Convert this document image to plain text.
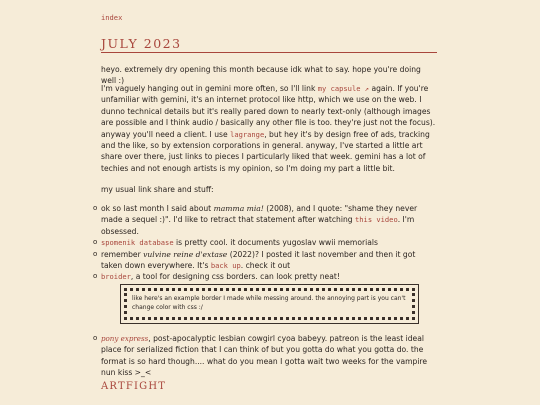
index
JULY 2023

heyo. extremely dry opening this month because idk what to say. hope you're doing well :)

I'm vaguely hanging out in gemini more often, so I'll link my capsule ↗ again. If you're unfamiliar with gemini, it's an internet protocol like http, which we use on the web. I dunno technical details but it's really pared down to nearly text-only (although images are possible and I think audio / basically any other file is too. they're just not the focus). anyway you'll need a client. I use lagrange, but hey it's by design free of ads, tracking and the like, so by extension corporations in general. anyway, I've started a little art share over there, just links to pieces I particularly liked that week. gemini has a lot of techies and not enough artists is my opinion, so I'm doing my part a little bit.

my usual link share and stuff:

o ok so last month I said about mamma mia! (2008), and I quote: "shame they never made a sequel :)". I'd like to retract that statement after watching this video. I'm obsessed.
o spomenik database is pretty cool. it documents yugoslav wwii memorials
o remember vulvine reine d'extase (2022)? I posted it last november and then it got taken down everywhere. It's back up. check it out
o broider, a tool for designing css borders. can look pretty neat!
like here's an example border I made while messing around. the annoying part is you can't change color with css :/
o pony express, post-apocalyptic lesbian cowgirl cyoa babeyy. patreon is the least ideal place for serialized fiction that I can think of but you gotta do what you gotta do. the format is so hard though.... what do you mean I gotta wait two weeks for the vampire nun kiss >_<
ARTFIGHT
